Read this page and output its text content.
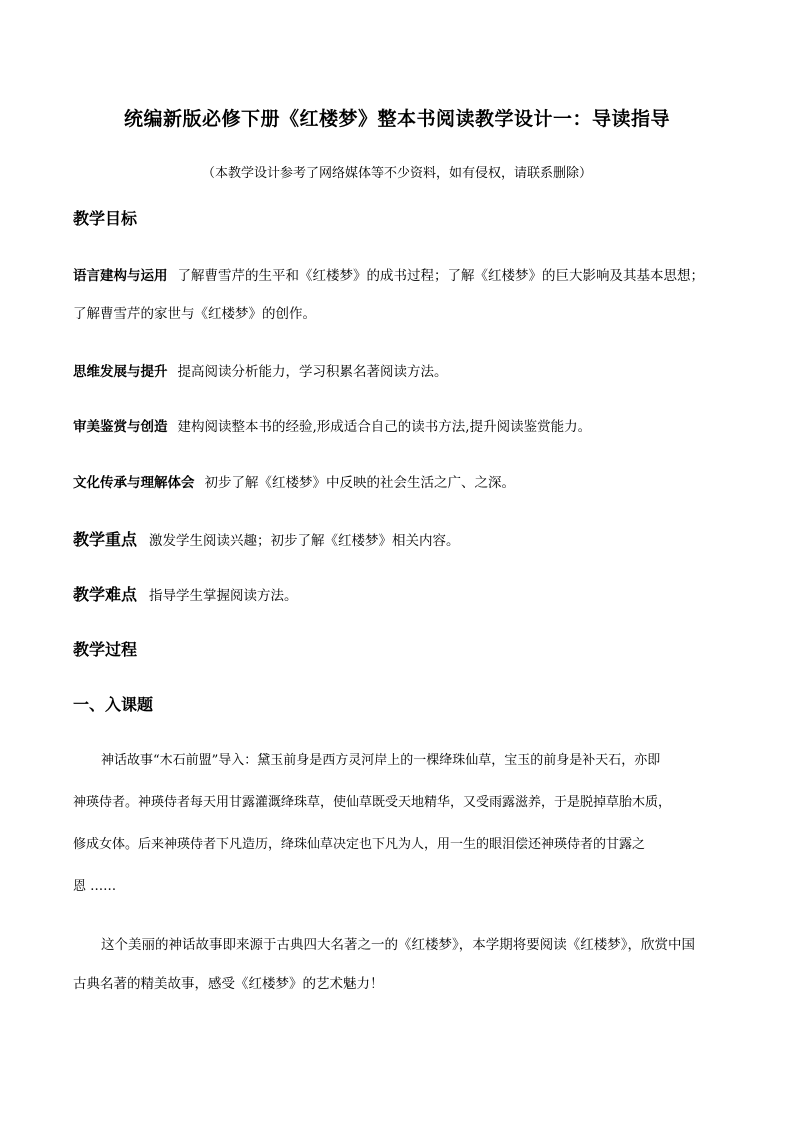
统编新版必修下册《红楼梦》整本书阅读教学设计一：导读指导
（本教学设计参考了网络媒体等不少资料，如有侵权，请联系删除）
教学目标
语言建构与运用 了解曹雪芹的生平和《红楼梦》的成书过程；了解《红楼梦》的巨大影响及其基本思想；
了解曹雪芹的家世与《红楼梦》的创作。
思维发展与提升 提高阅读分析能力，学习积累名著阅读方法。
审美鉴赏与创造 建构阅读整本书的经验,形成适合自己的读书方法,提升阅读鉴赏能力。
文化传承与理解体会 初步了解《红楼梦》中反映的社会生活之广、之深。
教学重点 激发学生阅读兴趣；初步了解《红楼梦》相关内容。
教学难点 指导学生掌握阅读方法。
教学过程
一、入课题
神话故事“木石前盟”导入：黛玉前身是西方灵河岸上的一棵绛珠仙草，宝玉的前身是补天石，亦即
神瑛侍者。神瑛侍者每天用甘露灌溉绛珠草，使仙草既受天地精华，又受雨露滋养，于是脱掉草胎木质，
修成女体。后来神瑛侍者下凡造历，绛珠仙草决定也下凡为人，用一生的眼泪偿还神瑛侍者的甘露之
恩 ……
这个美丽的神话故事即来源于古典四大名著之一的《红楼梦》，本学期将要阅读《红楼梦》，欣赏中国
古典名著的精美故事，感受《红楼梦》的艺术魅力！
